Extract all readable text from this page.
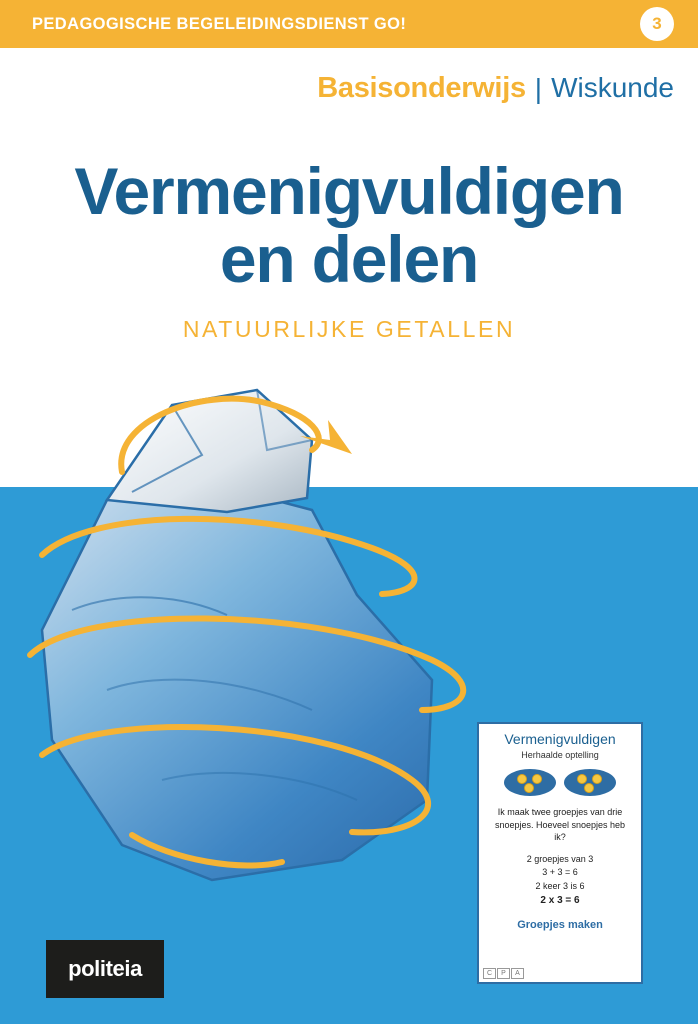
PEDAGOGISCHE BEGELEIDINGSDIENST GO!	3
Basisonderwijs | Wiskunde
Vermenigvuldigen
en delen
NATUURLIJKE GETALLEN
politeia
Vermenigvuldigen
Herhaalde optelling
Ik maak twee groepjes van drie snoepjes. Hoeveel snoepjes heb ik?
2 groepjes van 3
3 + 3 = 6
2 keer 3 is 6
2 x 3 = 6
Groepjes maken
C	P	A
